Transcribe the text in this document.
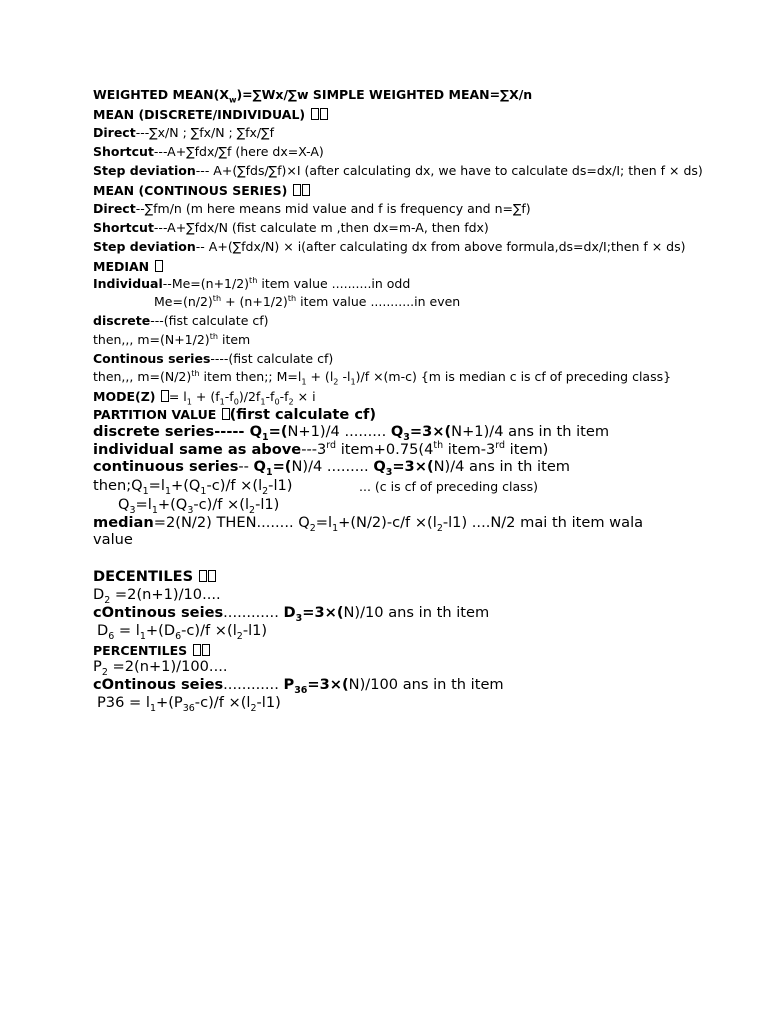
WEIGHTED $MEAN(X_w)=\sum Wx/\sum w$ SIMPLE WEIGHTED MEAN=∑X/n
MEAN (DISCRETE/INDIVIDUAL)
Direct---∑x/N ; ∑fx/N ; ∑fx/∑f
Shortcut---A+∑fdx/∑f (here dx=X-A)
Step deviation--- A+(∑fds/∑f)×I (after calculating dx, we have to calculate ds=dx/I; then f × ds)
MEAN (CONTINOUS SERIES)
Direct--∑fm/n (m here means mid value and f is frequency and n=∑f)
Shortcut---A+∑fdx/N (fist calculate m ,then dx=m-A, then fdx)
Step deviation-- A+(∑fdx/N) × i(after calculating dx from above formula,ds=dx/I;then f × ds)
MEDIAN
Individual-$-Me=(n+1/2)^{th}$ item value ..........in odd
$Me=(n/2)^{th} + (n+1/2)^{th}$ item value ...........in even
discrete---(fist calculate cf)
then,,, $m=(N+1/2)^{th}$ item
Continous series----(fist calculate cf)
then,,, $m=(N/2)^{th}$ item then;; $M=l_1 + (l_2$ $-l_1)/f \times(m-c)$ {m is median c is cf of preceding class}
MODE(Z) = $l_1 + (f_1-f_0)/2f_1-f_0-f_2 \times i$
PARTITION VALUE (first calculate cf)
discrete series----- $Q_1=(N+1)/4$ ......... $Q_3=3\times(N+1)/4$ ans in th item
individual same as above---3rd item+0.75(4th item-3rd item)
continuous series-- $Q_1=(N)/4$ ......... $Q_3=3\times(N)/4$ ans in th item
$then;Q_1=l_1+(Q_1-c)/f \times(l_2-l1)$	... (c is cf of preceding class)
$Q_3=l_1+(Q_3-c)/f \times(l_2-l1)$
median=2(N/2) THEN........ $Q_2=l_1+(N/2)-c/f \times(l_2-l1)$ ....N/2 mai th item wala
value
DECENTILES
$D_2 =2(n+1)/10$....
cOntinous seies............ $D_3=3\times(N)/10$ ans in th item
$D_6 = l_1+(D_6-c)/f \times(l_2-l1)$
PERCENTILES
$P_2 =2(n+1)/100$....
cOntinous seies............ $P_{36}=3\times(N)/100$ ans in th item
$P36 = l_1+(P_{36}-c)/f \times(l_2-l1)$
